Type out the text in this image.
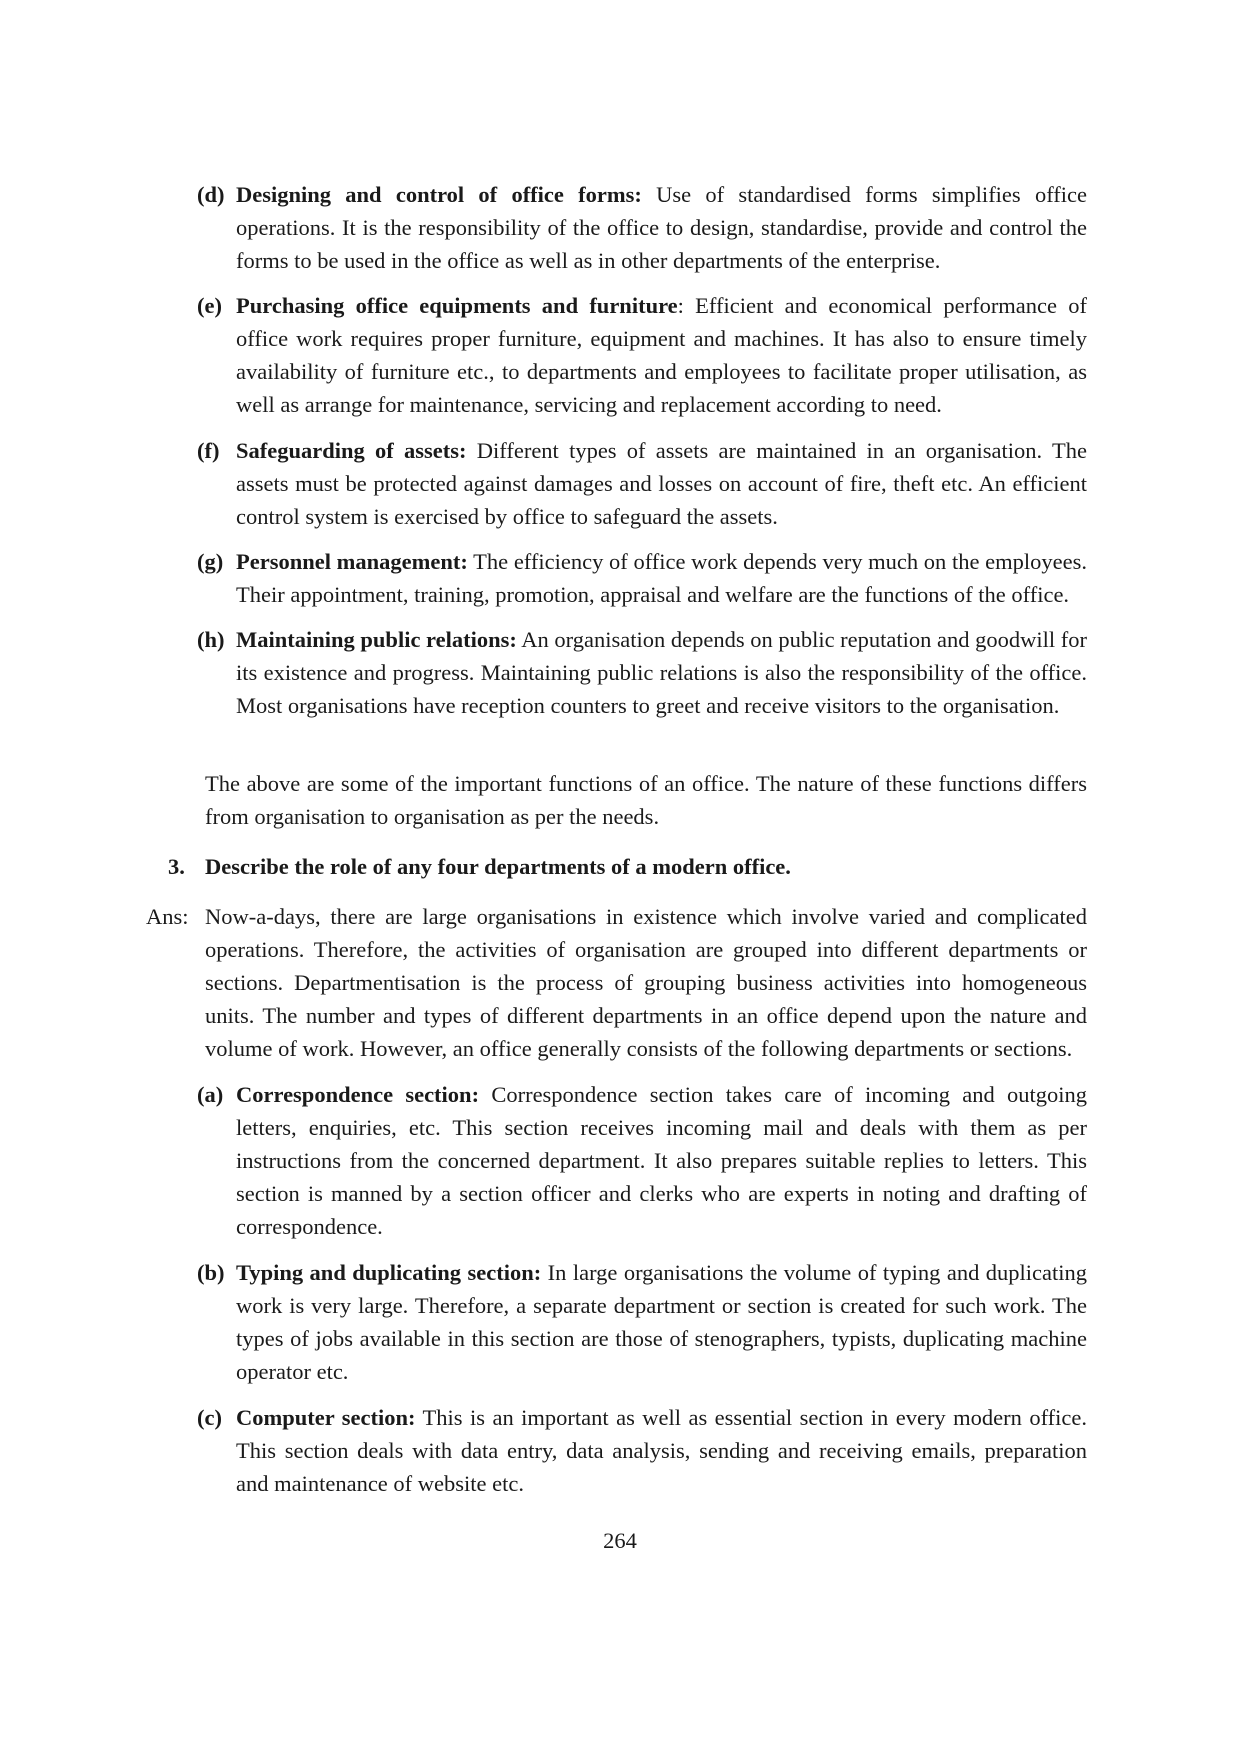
(d) Designing and control of office forms: Use of standardised forms simplifies office operations. It is the responsibility of the office to design, standardise, provide and control the forms to be used in the office as well as in other departments of the enterprise.
(e) Purchasing office equipments and furniture: Efficient and economical performance of office work requires proper furniture, equipment and machines. It has also to ensure timely availability of furniture etc., to departments and employees to facilitate proper utilisation, as well as arrange for maintenance, servicing and replacement according to need.
(f) Safeguarding of assets: Different types of assets are maintained in an organisation. The assets must be protected against damages and losses on account of fire, theft etc. An efficient control system is exercised by office to safeguard the assets.
(g) Personnel management: The efficiency of office work depends very much on the employees. Their appointment, training, promotion, appraisal and welfare are the functions of the office.
(h) Maintaining public relations: An organisation depends on public reputation and goodwill for its existence and progress. Maintaining public relations is also the responsibility of the office. Most organisations have reception counters to greet and receive visitors to the organisation.
The above are some of the important functions of an office. The nature of these functions differs from organisation to organisation as per the needs.
3. Describe the role of any four departments of a modern office.
Ans: Now-a-days, there are large organisations in existence which involve varied and complicated operations. Therefore, the activities of organisation are grouped into different departments or sections. Departmentisation is the process of grouping business activities into homogeneous units. The number and types of different departments in an office depend upon the nature and volume of work. However, an office generally consists of the following departments or sections.
(a) Correspondence section: Correspondence section takes care of incoming and outgoing letters, enquiries, etc. This section receives incoming mail and deals with them as per instructions from the concerned department. It also prepares suitable replies to letters. This section is manned by a section officer and clerks who are experts in noting and drafting of correspondence.
(b) Typing and duplicating section: In large organisations the volume of typing and duplicating work is very large. Therefore, a separate department or section is created for such work. The types of jobs available in this section are those of stenographers, typists, duplicating machine operator etc.
(c) Computer section: This is an important as well as essential section in every modern office. This section deals with data entry, data analysis, sending and receiving emails, preparation and maintenance of website etc.
264
